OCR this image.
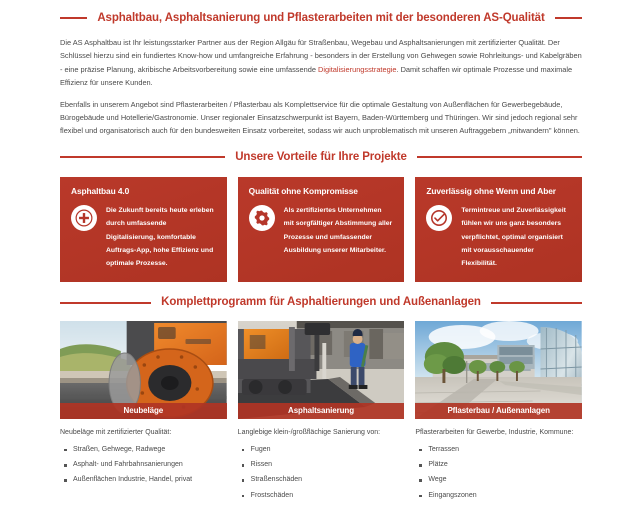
Asphaltbau, Asphaltsanierung und Pflasterarbeiten mit der besonderen AS-Qualität

Die AS Asphaltbau ist Ihr leistungsstarker Partner aus der Region Allgäu für Straßenbau, Wegebau und Asphaltsanierungen mit zertifizierter Qualität. Der Schlüssel hierzu sind ein fundiertes Know-how und umfangreiche Erfahrung - besonders in der Erstellung von Gehwegen sowie Rohrleitungs- und Kabelgräben - eine präzise Planung, akribische Arbeitsvorbereitung sowie eine umfassende Digitalisierungsstrategie. Damit schaffen wir optimale Prozesse und maximale Effizienz für unsere Kunden.

Ebenfalls in unserem Angebot sind Pflasterarbeiten / Pflasterbau als Komplettservice für die optimale Gestaltung von Außenflächen für Gewerbegebäude, Bürogebäude und Hotellerie/Gastronomie. Unser regionaler Einsatzschwerpunkt ist Bayern, Baden-Württemberg und Thüringen. Wir sind jedoch regional sehr flexibel und organisatorisch auch für den bundesweiten Einsatz vorbereitet, sodass wir auch unproblematisch mit unseren Auftraggebern „mitwandern" können.

Unsere Vorteile für Ihre Projekte
Asphaltbau 4.0
Die Zukunft bereits heute erleben durch umfassende Digitalisierung, komfortable Auftrags-App, hohe Effizienz und optimale Prozesse.
Qualität ohne Kompromisse
Als zertifiziertes Unternehmen mit sorgfältiger Abstimmung aller Prozesse und umfassender Ausbildung unserer Mitarbeiter.
Zuverlässig ohne Wenn und Aber
Termintreue und Zuverlässigkeit fühlen wir uns ganz besonders verpflichtet, optimal organisiert mit vorausschauender Flexibilität.
Komplettprogramm für Asphaltierungen und Außenanlagen
Neubeläge
Neubeläge mit zertifizierter Qualität:
Straßen, Gehwege, Radwege
Asphalt- und Fahrbahnsanierungen
Außenflächen Industrie, Handel, privat
Asphaltsanierung
Langlebige klein-/großflächige Sanierung von:
Fugen
Rissen
Straßenschäden
Frostschäden
Pflasterbau / Außenanlagen
Pflasterarbeiten für Gewerbe, Industrie, Kommune:
Terrassen
Plätze
Wege
Eingangszonen
